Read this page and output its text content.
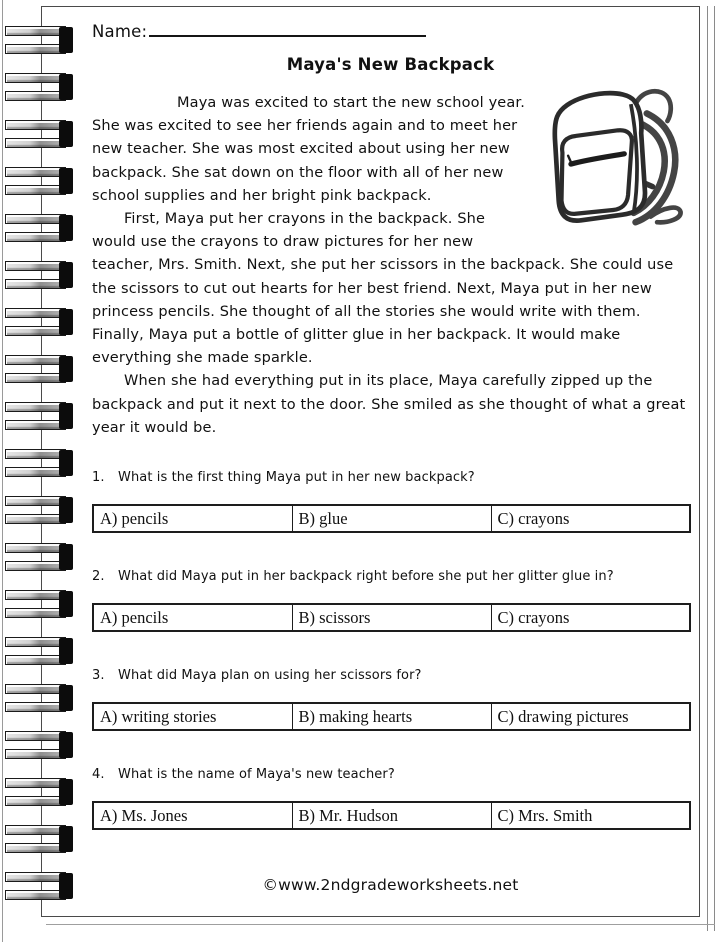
Name:
Maya's New Backpack

Maya was excited to start the new school year. She was excited to see her friends again and to meet her new teacher. She was most excited about using her new backpack. She sat down on the floor with all of her new school supplies and her bright pink backpack.

First, Maya put her crayons in the backpack. She would use the crayons to draw pictures for her new teacher, Mrs. Smith. Next, she put her scissors in the backpack. She could use the scissors to cut out hearts for her best friend. Next, Maya put in her new princess pencils. She thought of all the stories she would write with them. Finally, Maya put a bottle of glitter glue in her backpack. It would make everything she made sparkle.

When she had everything put in its place, Maya carefully zipped up the backpack and put it next to the door. She smiled as she thought of what a great year it would be.

1. What is the first thing Maya put in her new backpack?
A) pencils	B) glue	C) crayons
2. What did Maya put in her backpack right before she put her glitter glue in?
A) pencils	B) scissors	C) crayons
3. What did Maya plan on using her scissors for?
A) writing stories	B) making hearts	C) drawing pictures
4. What is the name of Maya's new teacher?
A) Ms. Jones	B) Mr. Hudson	C) Mrs. Smith
©www.2ndgradeworksheets.net
